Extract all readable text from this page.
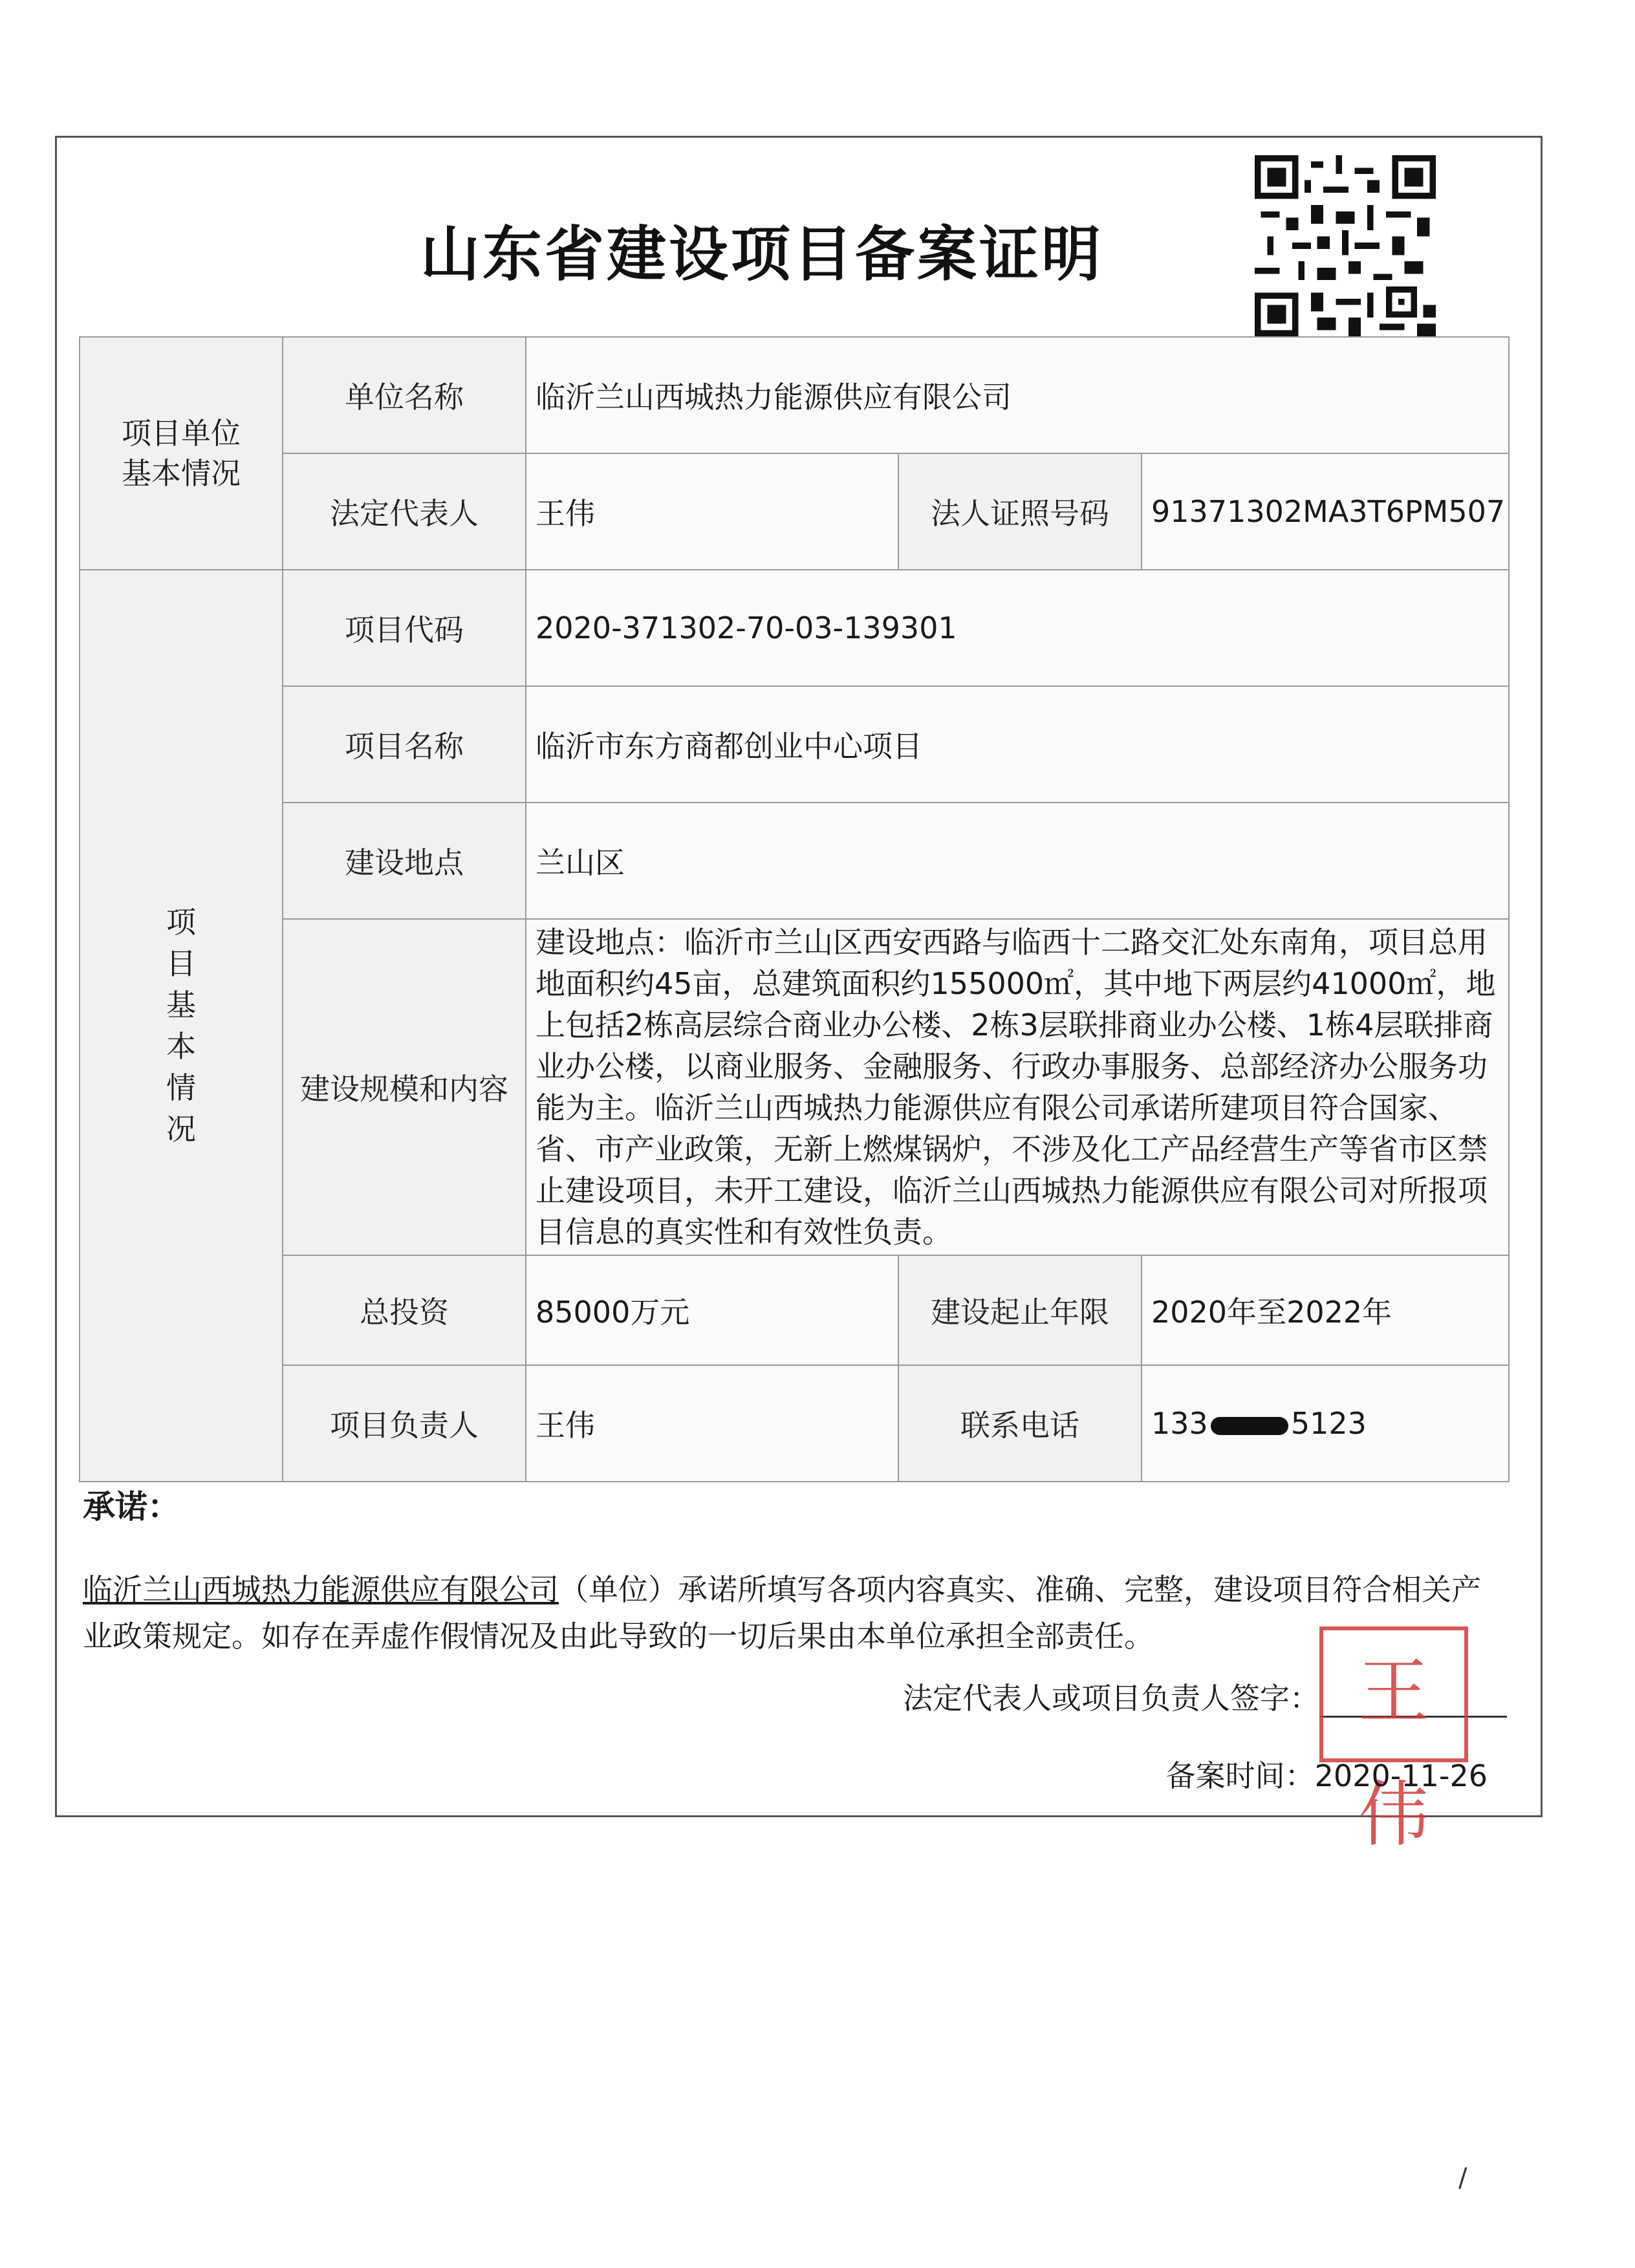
山东省建设项目备案证明
项目单位基本情况	单位名称	临沂兰山西城热力能源供应有限公司		
	法定代表人	王伟	法人证照号码	91371302MA3T6PM507
项目基本情况	项目代码	2020-371302-70-03-139301		
	项目名称	临沂市东方商都创业中心项目		
	建设地点	兰山区		
	建设规模和内容	建设地点：临沂市兰山区西安西路与临西十二路交汇处东南角，项目总用地面积约45亩，总建筑面积约155000㎡，其中地下两层约41000㎡，地上包括2栋高层综合商业办公楼、2栋3层联排商业办公楼、1栋4层联排商业办公楼，以商业服务、金融服务、行政办事服务、总部经济办公服务功能为主。临沂兰山西城热力能源供应有限公司承诺所建项目符合国家、省、市产业政策，无新上燃煤锅炉，不涉及化工产品经营生产等省市区禁止建设项目，未开工建设，临沂兰山西城热力能源供应有限公司对所报项目信息的真实性和有效性负责。		
	总投资	85000万元	建设起止年限	2020年至2022年
	项目负责人	王伟	联系电话	133 5123
承诺：
临沂兰山西城热力能源供应有限公司（单位）承诺所填写各项内容真实、准确、完整，建设项目符合相关产业政策规定。如存在弄虚作假情况及由此导致的一切后果由本单位承担全部责任。
法定代表人或项目负责人签字： 王伟
备案时间：2020-11-26
/
